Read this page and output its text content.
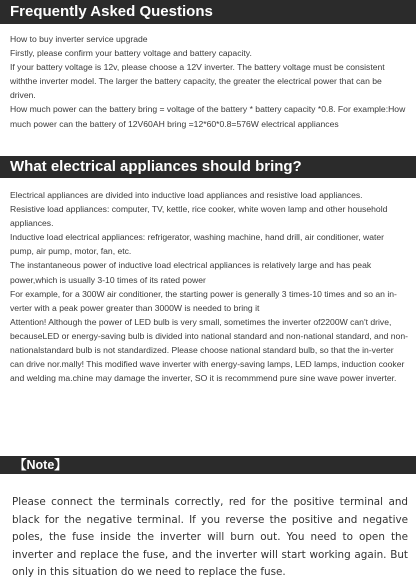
Frequently Asked Questions

How to buy inverter service upgrade

Firstly, please confirm your battery voltage and battery capacity.

If your battery voltage is 12v, please choose a 12V inverter. The battery voltage must be consistent withthe inverter model. The larger the battery capacity, the greater the electrical power that can be driven.

How much power can the battery bring = voltage of the battery * battery capacity *0.8. For example:How much power can the battery of 12V60AH bring =12*60*0.8=576W electrical appliances

What electrical appliances should bring?

Electrical appliances are divided into inductive load appliances and resistive load appliances.

Resistive load appliances: computer, TV, kettle, rice cooker, white woven lamp and other household appliances.

Inductive load electrical appliances: refrigerator, washing machine, hand drill, air conditioner, water pump, air pump, motor, fan, etc.

The instantaneous power of inductive load electrical appliances is relatively large and has peak power,which is usually 3-10 times of its rated power

For example, for a 300W air conditioner, the starting power is generally 3 times-10 times and so an in-verter with a peak power greater than 3000W is needed to bring it

Attention! Although the power of LED bulb is very small, sometimes the inverter of2200W can't drive, becauseLED or energy-saving bulb is divided into national standard and non-national standard, and non-nationalstandard bulb is not standardized. Please choose national standard bulb, so that the in-verter can drive nor.mally! This modified wave inverter with energy-saving lamps, LED lamps, induction cooker and welding ma.chine may damage the inverter, SO it is recommmend pure sine wave power inverter.

【Note】

Please connect the terminals correctly, red for the positive terminal and black for the negative terminal. If you reverse the positive and negative poles, the fuse inside the inverter will burn out. You need to open the inverter and replace the fuse, and the inverter will start working again. But only in this situation do we need to replace the fuse.
